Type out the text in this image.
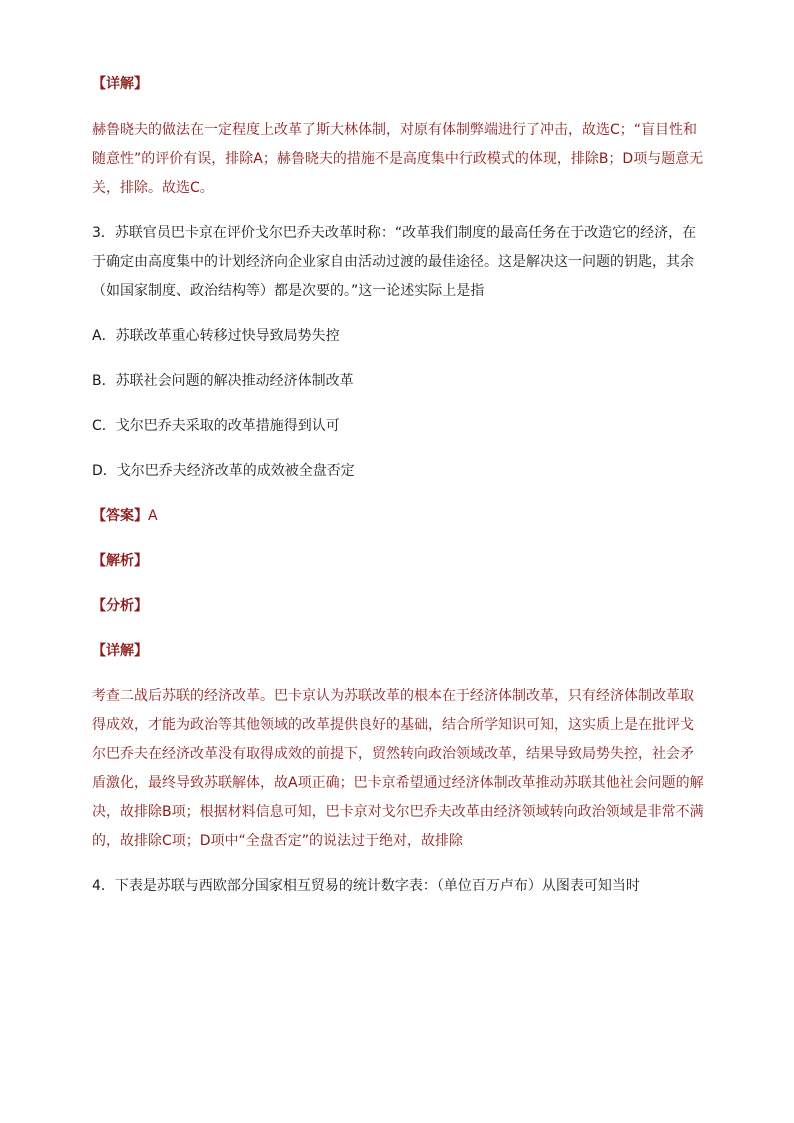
【详解】

赫鲁晓夫的做法在一定程度上改革了斯大林体制，对原有体制弊端进行了冲击，故选C；“盲目性和随意性”的评价有误，排除A；赫鲁晓夫的措施不是高度集中行政模式的体现，排除B；D项与题意无关，排除。故选C。

3．苏联官员巴卡京在评价戈尔巴乔夫改革时称：“改革我们制度的最高任务在于改造它的经济，在于确定由高度集中的计划经济向企业家自由活动过渡的最佳途径。这是解决这一问题的钥匙，其余（如国家制度、政治结构等）都是次要的。”这一论述实际上是指

A．苏联改革重心转移过快导致局势失控

B．苏联社会问题的解决推动经济体制改革

C．戈尔巴乔夫采取的改革措施得到认可

D．戈尔巴乔夫经济改革的成效被全盘否定

【答案】A

【解析】

【分析】

【详解】

考查二战后苏联的经济改革。巴卡京认为苏联改革的根本在于经济体制改革，只有经济体制改革取得成效，才能为政治等其他领域的改革提供良好的基础，结合所学知识可知，这实质上是在批评戈尔巴乔夫在经济改革没有取得成效的前提下，贸然转向政治领域改革，结果导致局势失控，社会矛盾激化，最终导致苏联解体，故A项正确；巴卡京希望通过经济体制改革推动苏联其他社会问题的解决，故排除B项；根据材料信息可知，巴卡京对戈尔巴乔夫改革由经济领域转向政治领域是非常不满的，故排除C项；D项中“全盘否定”的说法过于绝对，故排除

4．下表是苏联与西欧部分国家相互贸易的统计数字表：（单位百万卢布）从图表可知当时
